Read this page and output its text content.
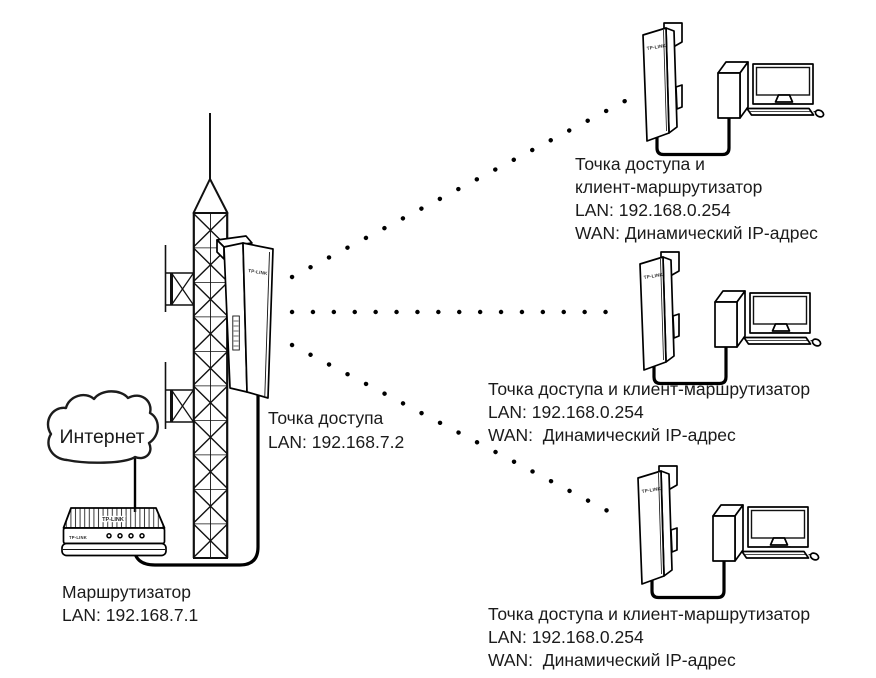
TP-LINK
TP-LINK
TP-LINK
Интернет
Маршрутизатор
LAN: 192.168.7.1
Точка доступа
LAN: 192.168.7.2
Точка доступа и
клиент-маршрутизатор
LAN: 192.168.0.254
WAN: Динамический IP-адрес
Точка доступа и клиент-маршрутизатор
LAN: 192.168.0.254
WAN:  Динамический IP-адрес
Точка доступа и клиент-маршрутизатор
LAN: 192.168.0.254
WAN:  Динамический IP-адрес
